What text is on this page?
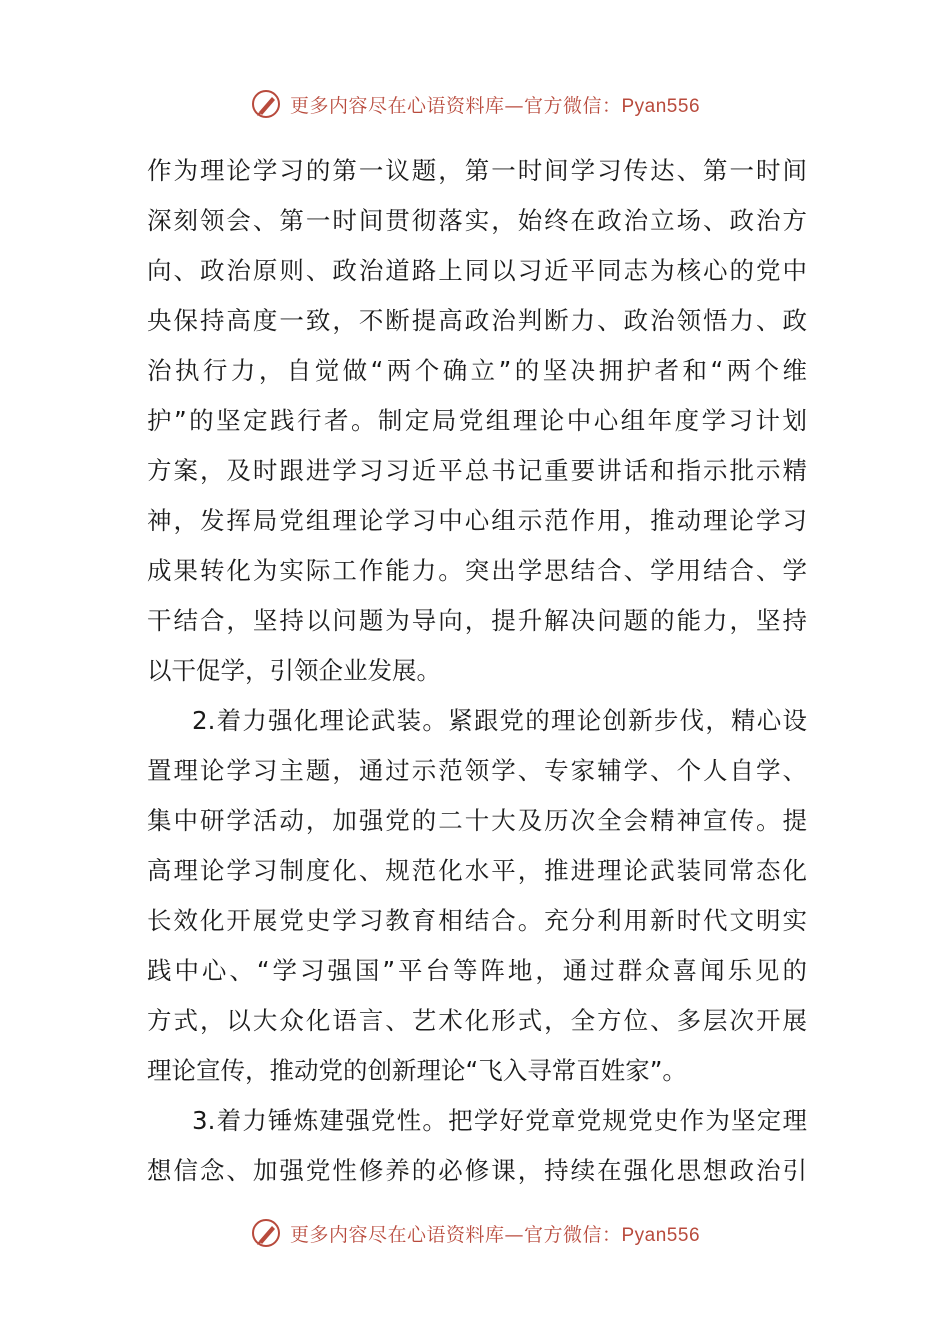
更多内容尽在心语资料库—官方微信：Pyan556
作为理论学习的第一议题，第一时间学习传达、第一时间
深刻领会、第一时间贯彻落实，始终在政治立场、政治方
向、政治原则、政治道路上同以习近平同志为核心的党中
央保持高度一致，不断提高政治判断力、政治领悟力、政
治执行力，自觉做“两个确立”的坚决拥护者和“两个维
护”的坚定践行者。制定局党组理论中心组年度学习计划
方案，及时跟进学习习近平总书记重要讲话和指示批示精
神，发挥局党组理论学习中心组示范作用，推动理论学习
成果转化为实际工作能力。突出学思结合、学用结合、学
干结合，坚持以问题为导向，提升解决问题的能力，坚持
以干促学，引领企业发展。
2.着力强化理论武装。紧跟党的理论创新步伐，精心设
置理论学习主题，通过示范领学、专家辅学、个人自学、
集中研学活动，加强党的二十大及历次全会精神宣传。提
高理论学习制度化、规范化水平，推进理论武装同常态化
长效化开展党史学习教育相结合。充分利用新时代文明实
践中心、“学习强国”平台等阵地，通过群众喜闻乐见的
方式，以大众化语言、艺术化形式，全方位、多层次开展
理论宣传，推动党的创新理论“飞入寻常百姓家”。
3.着力锤炼建强党性。把学好党章党规党史作为坚定理
想信念、加强党性修养的必修课，持续在强化思想政治引
更多内容尽在心语资料库—官方微信：Pyan556
